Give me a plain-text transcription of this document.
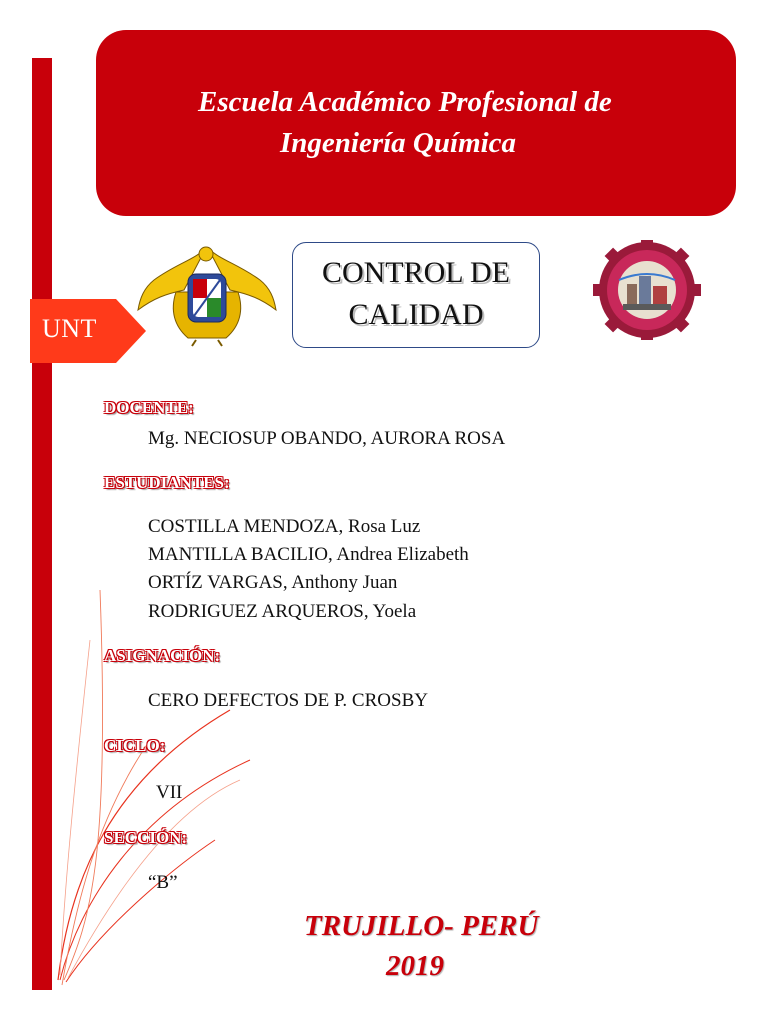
UNT
Escuela Académico Profesional de
Ingeniería Química
CONTROL DE
CALIDAD
DOCENTE:
Mg. NECIOSUP OBANDO, AURORA ROSA
ESTUDIANTES:
COSTILLA MENDOZA, Rosa Luz
MANTILLA BACILIO, Andrea Elizabeth
ORTÍZ VARGAS, Anthony Juan
RODRIGUEZ ARQUEROS, Yoela
ASIGNACIÓN:
CERO DEFECTOS DE P. CROSBY
CICLO:
VII
SECCIÓN:
“B”
TRUJILLO- PERÚ
2019
